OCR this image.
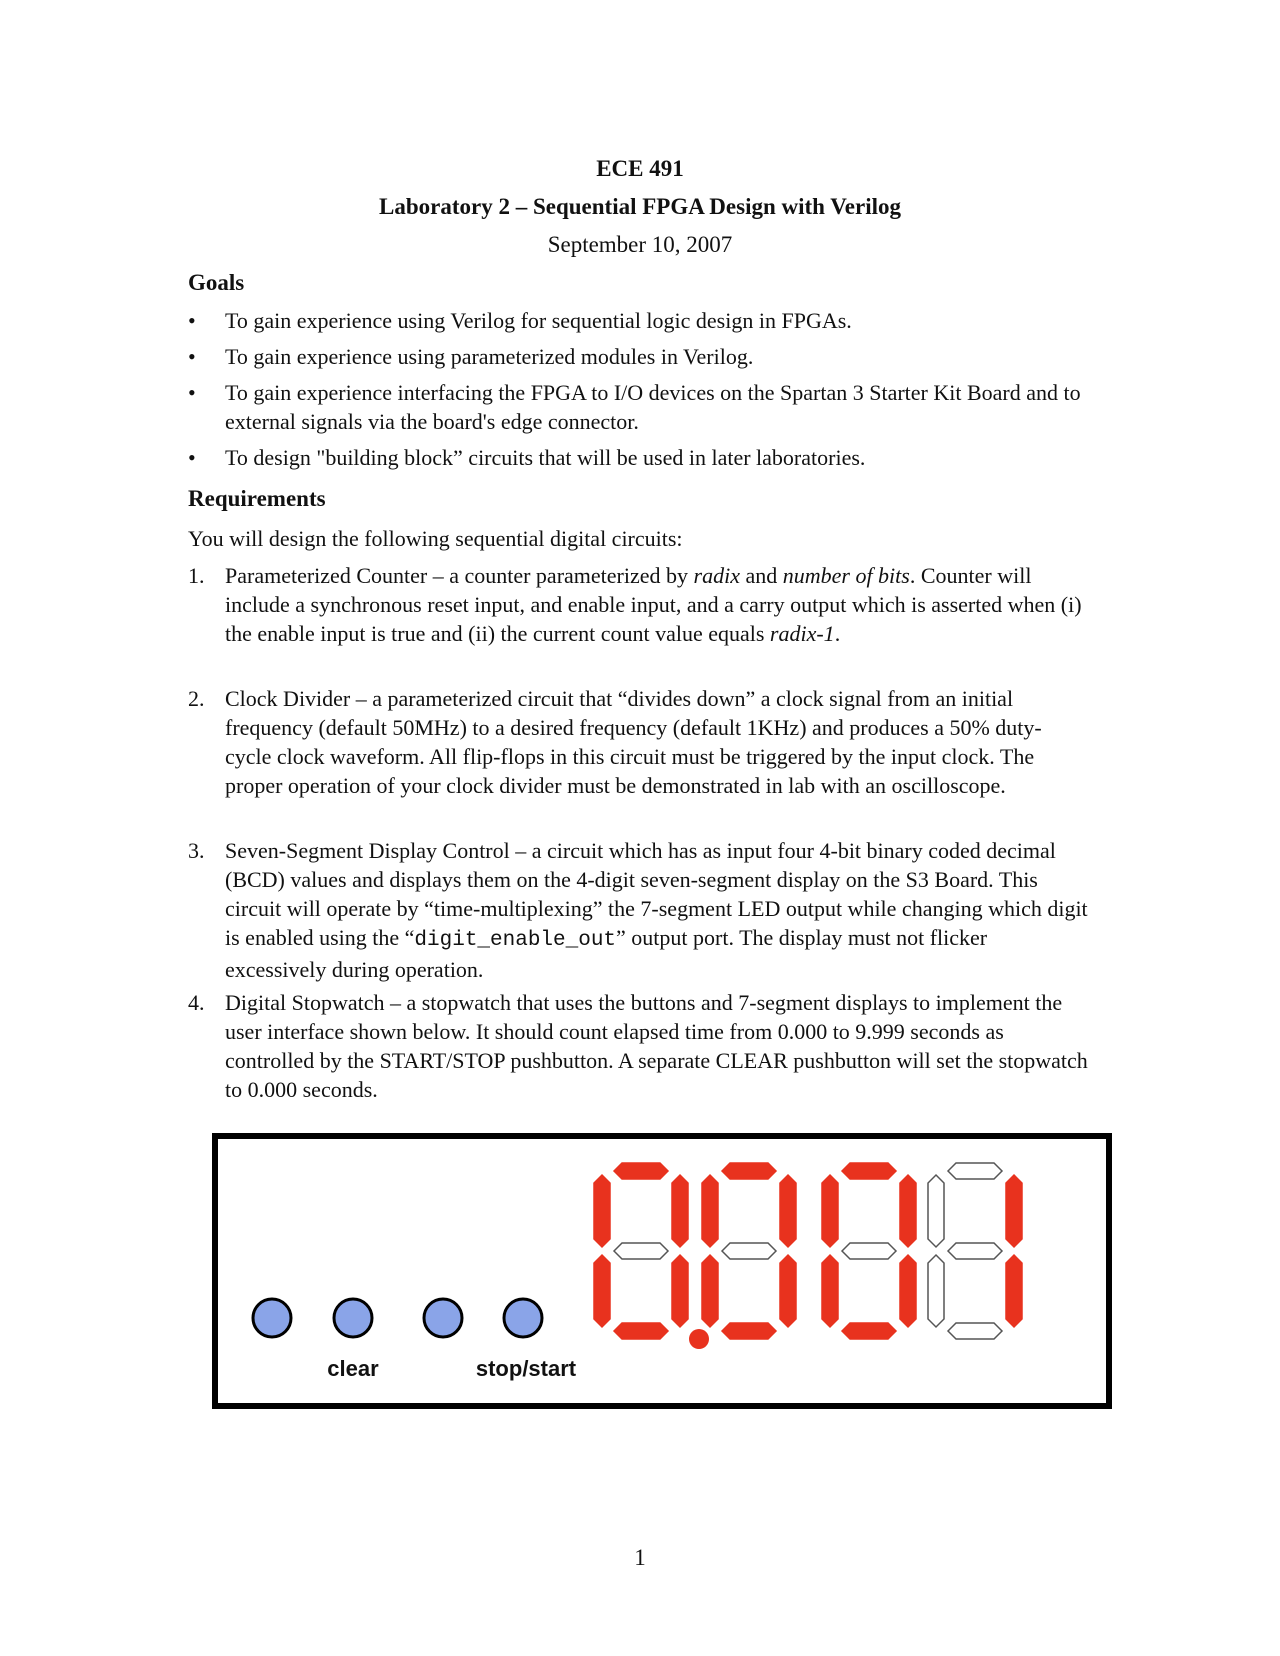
ECE 491
Laboratory 2 – Sequential FPGA Design with Verilog
September 10, 2007
Goals
• To gain experience using Verilog for sequential logic design in FPGAs.
• To gain experience using parameterized modules in Verilog.
• To gain experience interfacing the FPGA to I/O devices on the Spartan 3 Starter Kit Board and to external signals via the board's edge connector.
• To design "building block” circuits that will be used in later laboratories.
Requirements
You will design the following sequential digital circuits:
1. Parameterized Counter – a counter parameterized by radix and number of bits. Counter will include a synchronous reset input, and enable input, and a carry output which is asserted when (i) the enable input is true and (ii) the current count value equals radix-1.
2. Clock Divider – a parameterized circuit that “divides down” a clock signal from an initial frequency (default 50MHz) to a desired frequency (default 1KHz) and produces a 50% duty-cycle clock waveform. All flip-flops in this circuit must be triggered by the input clock. The proper operation of your clock divider must be demonstrated in lab with an oscilloscope.
3. Seven-Segment Display Control – a circuit which has as input four 4-bit binary coded decimal (BCD) values and displays them on the 4-digit seven-segment display on the S3 Board. This circuit will operate by “time-multiplexing” the 7-segment LED output while changing which digit is enabled using the “digit_enable_out” output port. The display must not flicker excessively during operation.
4. Digital Stopwatch – a stopwatch that uses the buttons and 7-segment displays to implement the user interface shown below. It should count elapsed time from 0.000 to 9.999 seconds as controlled by the START/STOP pushbutton. A separate CLEAR pushbutton will set the stopwatch to 0.000 seconds.
clear	stop/start
1
